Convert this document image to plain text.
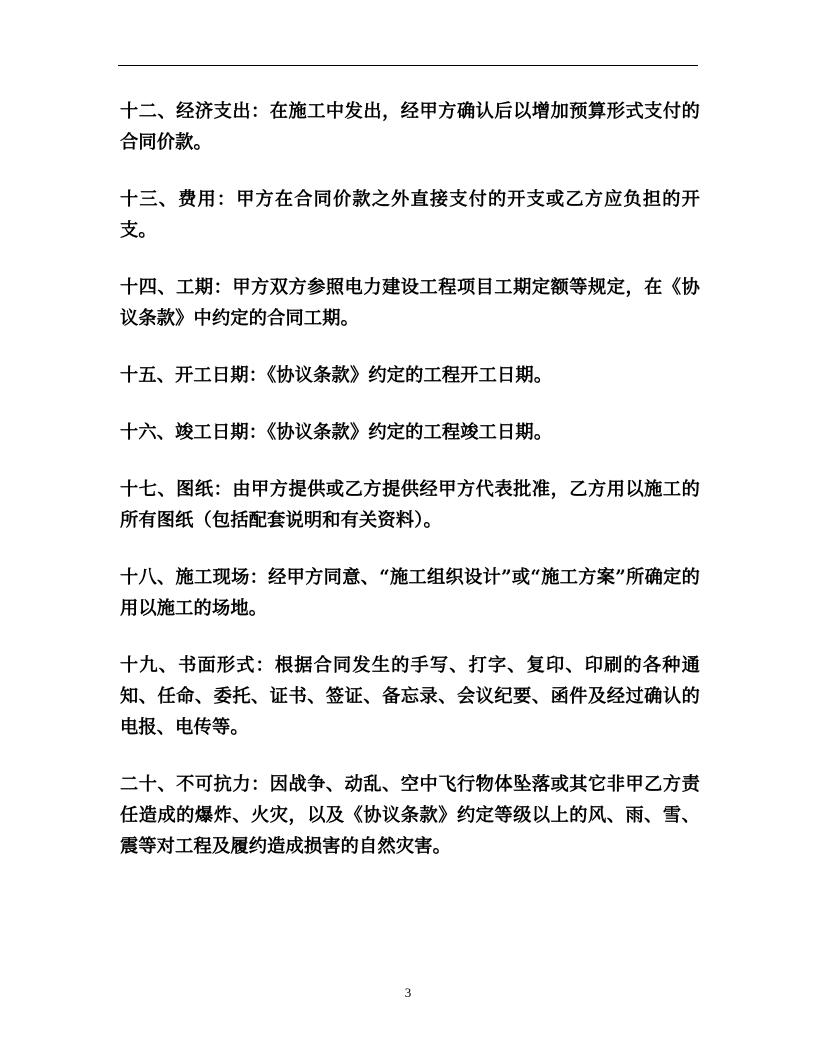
十二、经济支出：在施工中发出，经甲方确认后以增加预算形式支付的合同价款。

十三、费用：甲方在合同价款之外直接支付的开支或乙方应负担的开支。

十四、工期：甲方双方参照电力建设工程项目工期定额等规定，在《协议条款》中约定的合同工期。

十五、开工日期：《协议条款》约定的工程开工日期。

十六、竣工日期：《协议条款》约定的工程竣工日期。

十七、图纸：由甲方提供或乙方提供经甲方代表批准，乙方用以施工的所有图纸（包括配套说明和有关资料）。

十八、施工现场：经甲方同意、“施工组织设计”或“施工方案”所确定的用以施工的场地。

十九、书面形式：根据合同发生的手写、打字、复印、印刷的各种通知、任命、委托、证书、签证、备忘录、会议纪要、函件及经过确认的电报、电传等。

二十、不可抗力：因战争、动乱、空中飞行物体坠落或其它非甲乙方责任造成的爆炸、火灾，以及《协议条款》约定等级以上的风、雨、雪、震等对工程及履约造成损害的自然灾害。

3
